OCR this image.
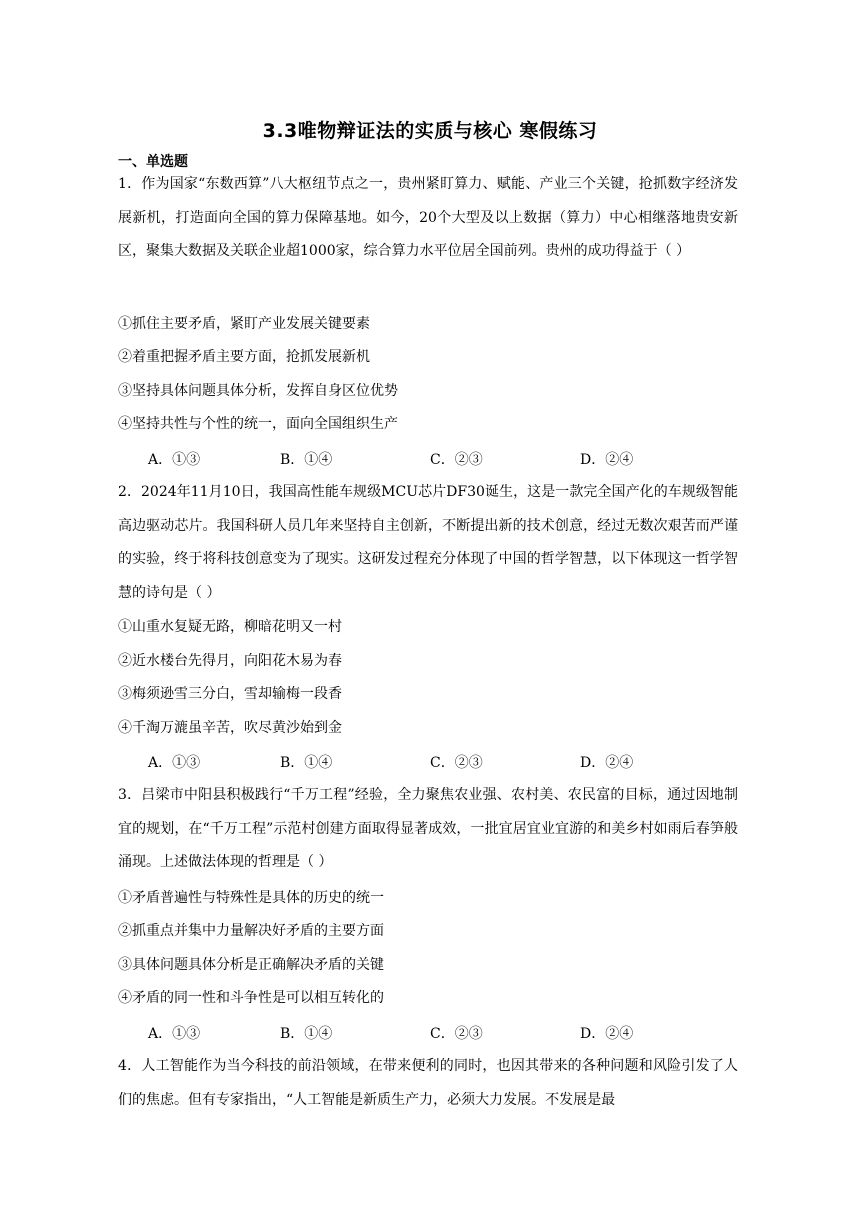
3.3唯物辩证法的实质与核心 寒假练习
一、单选题

1．作为国家“东数西算”八大枢纽节点之一，贵州紧盯算力、赋能、产业三个关键，抢抓数字经济发展新机，打造面向全国的算力保障基地。如今，20个大型及以上数据（算力）中心相继落地贵安新区，聚集大数据及关联企业超1000家，综合算力水平位居全国前列。贵州的成功得益于（ ）

①抓住主要矛盾，紧盯产业发展关键要素
②着重把握矛盾主要方面，抢抓发展新机
③坚持具体问题具体分析，发挥自身区位优势
④坚持共性与个性的统一，面向全国组织生产
A．①③	B．①④	C．②③	D．②④

2．2024年11月10日，我国高性能车规级MCU芯片DF30诞生，这是一款完全国产化的车规级智能高边驱动芯片。我国科研人员几年来坚持自主创新，不断提出新的技术创意，经过无数次艰苦而严谨的实验，终于将科技创意变为了现实。这研发过程充分体现了中国的哲学智慧，以下体现这一哲学智慧的诗句是（ ）

①山重水复疑无路，柳暗花明又一村
②近水楼台先得月，向阳花木易为春
③梅须逊雪三分白，雪却输梅一段香
④千淘万漉虽辛苦，吹尽黄沙始到金
A．①③	B．①④	C．②③	D．②④

3．吕梁市中阳县积极践行“千万工程”经验，全力聚焦农业强、农村美、农民富的目标，通过因地制宜的规划，在“千万工程”示范村创建方面取得显著成效，一批宜居宜业宜游的和美乡村如雨后春笋般涌现。上述做法体现的哲理是（ ）

①矛盾普遍性与特殊性是具体的历史的统一
②抓重点并集中力量解决好矛盾的主要方面
③具体问题具体分析是正确解决矛盾的关键
④矛盾的同一性和斗争性是可以相互转化的
A．①③	B．①④	C．②③	D．②④

4．人工智能作为当今科技的前沿领域，在带来便利的同时，也因其带来的各种问题和风险引发了人们的焦虑。但有专家指出，“人工智能是新质生产力，必须大力发展。不发展是最
